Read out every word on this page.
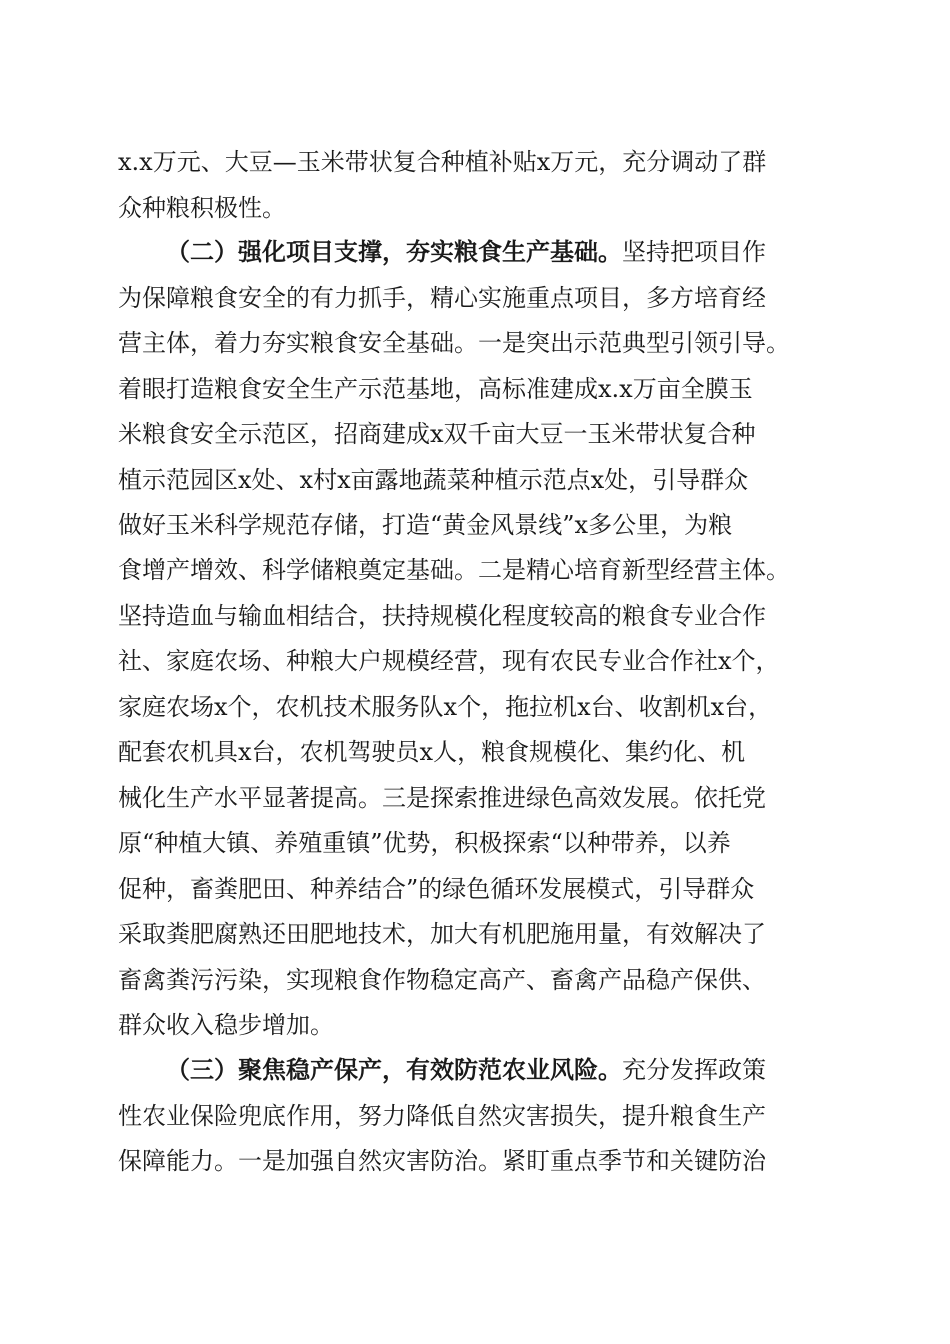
x.x万元、大豆—玉米带状复合种植补贴x万元，充分调动了群
众种粮积极性。
（二）强化项目支撑，夯实粮食生产基础。坚持把项目作
为保障粮食安全的有力抓手，精心实施重点项目，多方培育经
营主体，着力夯实粮食安全基础。一是突出示范典型引领引导。
着眼打造粮食安全生产示范基地，高标准建成x.x万亩全膜玉
米粮食安全示范区，招商建成x双千亩大豆一玉米带状复合种
植示范园区x处、x村x亩露地蔬菜种植示范点x处，引导群众
做好玉米科学规范存储，打造“黄金风景线”x多公里，为粮
食增产增效、科学储粮奠定基础。二是精心培育新型经营主体。
坚持造血与输血相结合，扶持规模化程度较高的粮食专业合作
社、家庭农场、种粮大户规模经营，现有农民专业合作社x个，
家庭农场x个，农机技术服务队x个，拖拉机x台、收割机x台，
配套农机具x台，农机驾驶员x人，粮食规模化、集约化、机
械化生产水平显著提高。三是探索推进绿色高效发展。依托党
原“种植大镇、养殖重镇”优势，积极探索“以种带养，以养
促种，畜粪肥田、种养结合”的绿色循环发展模式，引导群众
采取粪肥腐熟还田肥地技术，加大有机肥施用量，有效解决了
畜禽粪污污染，实现粮食作物稳定高产、畜禽产品稳产保供、
群众收入稳步增加。
（三）聚焦稳产保产，有效防范农业风险。充分发挥政策
性农业保险兜底作用，努力降低自然灾害损失，提升粮食生产
保障能力。一是加强自然灾害防治。紧盯重点季节和关键防治
